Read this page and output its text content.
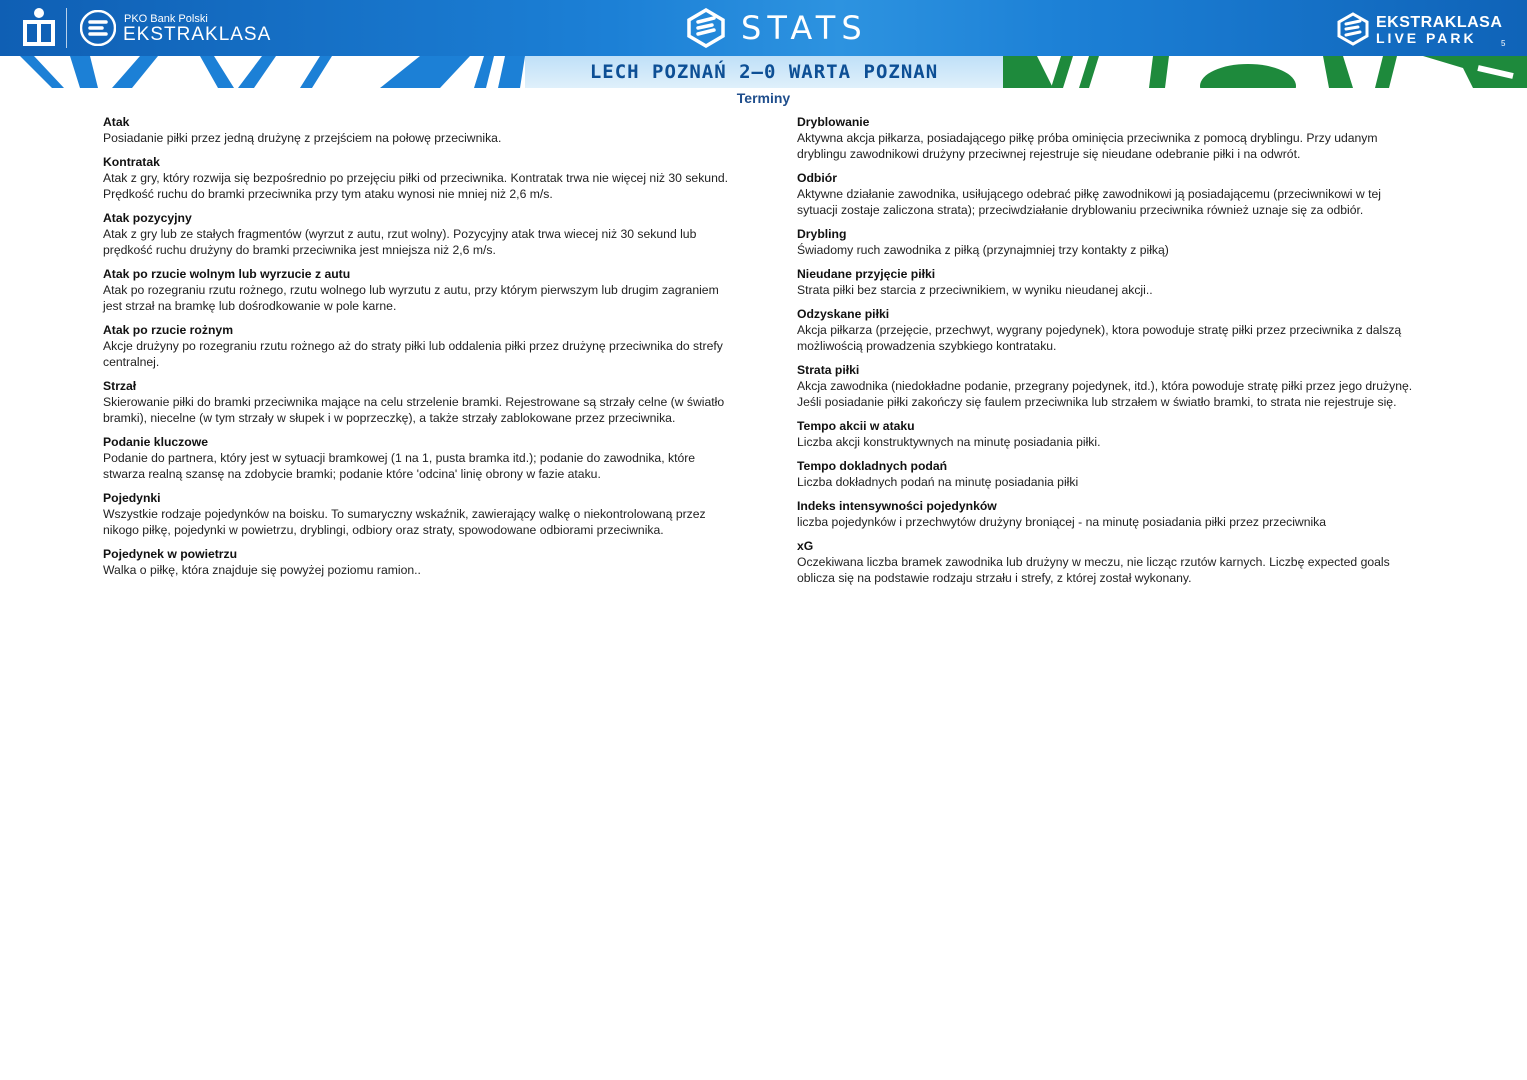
PKO Bank Polski
EKSTRAKLASA	STATS	EKSTRAKLASA
LIVE PARK	5
LECH POZNAŃ 2–0 WARTA POZNAN
Terminy
Atak
Posiadanie piłki przez jedną drużynę z przejściem na połowę przeciwnika.
Kontratak
Atak z gry, który rozwija się bezpośrednio po przejęciu piłki od przeciwnika. Kontratak trwa nie więcej niż 30 sekund. Prędkość ruchu do bramki przeciwnika przy tym ataku wynosi nie mniej niż 2,6 m/s.
Atak pozycyjny
Atak z gry lub ze stałych fragmentów (wyrzut z autu, rzut wolny). Pozycyjny atak trwa wiecej niż 30 sekund lub prędkość ruchu drużyny do bramki przeciwnika jest mniejsza niż 2,6 m/s.
Atak po rzucie wolnym lub wyrzucie z autu
Atak po rozegraniu rzutu rożnego, rzutu wolnego lub wyrzutu z autu, przy którym pierwszym lub drugim zagraniem jest strzał na bramkę lub dośrodkowanie w pole karne.
Atak po rzucie rożnym
Akcje drużyny po rozegraniu rzutu rożnego aż do straty piłki lub oddalenia piłki przez drużynę przeciwnika do strefy centralnej.
Strzał
Skierowanie piłki do bramki przeciwnika mające na celu strzelenie bramki. Rejestrowane są strzały celne (w światło bramki), niecelne (w tym strzały w słupek i w poprzeczkę), a także strzały zablokowane przez przeciwnika.
Podanie kluczowe
Podanie do partnera, który jest w sytuacji bramkowej (1 na 1, pusta bramka itd.); podanie do zawodnika, które stwarza realną szansę na zdobycie bramki; podanie które 'odcina' linię obrony w fazie ataku.
Pojedynki
Wszystkie rodzaje pojedynków na boisku. To sumaryczny wskaźnik, zawierający walkę o niekontrolowaną przez nikogo piłkę, pojedynki w powietrzu, dryblingi, odbiory oraz straty, spowodowane odbiorami przeciwnika.
Pojedynek w powietrzu
Walka o piłkę, która znajduje się powyżej poziomu ramion..
Dryblowanie
Aktywna akcja piłkarza, posiadającego piłkę próba ominięcia przeciwnika z pomocą dryblingu. Przy udanym dryblingu zawodnikowi drużyny przeciwnej rejestruje się nieudane odebranie piłki i na odwrót.
Odbiór
Aktywne działanie zawodnika, usiłującego odebrać piłkę zawodnikowi ją posiadającemu (przeciwnikowi w tej sytuacji zostaje zaliczona strata); przeciwdziałanie dryblowaniu przeciwnika również uznaje się za odbiór.
Drybling
Świadomy ruch zawodnika z piłką (przynajmniej trzy kontakty z piłką)
Nieudane przyjęcie piłki
Strata piłki bez starcia z przeciwnikiem, w wyniku nieudanej akcji..
Odzyskane piłki
Akcja piłkarza (przejęcie, przechwyt, wygrany pojedynek), ktora powoduje stratę piłki przez przeciwnika z dalszą możliwością prowadzenia szybkiego kontrataku.
Strata piłki
Akcja zawodnika (niedokładne podanie, przegrany pojedynek, itd.), która powoduje stratę piłki przez jego drużynę. Jeśli posiadanie piłki zakończy się faulem przeciwnika lub strzałem w światło bramki, to strata nie rejestruje się.
Tempo akcii w ataku
Liczba akcji konstruktywnych na minutę posiadania piłki.
Tempo dokladnych podań
Liczba dokładnych podań na minutę posiadania piłki
Indeks intensywności pojedynków
liczba pojedynków i przechwytów drużyny broniącej - na minutę posiadania piłki przez przeciwnika
xG
Oczekiwana liczba bramek zawodnika lub drużyny w meczu, nie licząc rzutów karnych. Liczbę expected goals oblicza się na podstawie rodzaju strzału i strefy, z której został wykonany.
